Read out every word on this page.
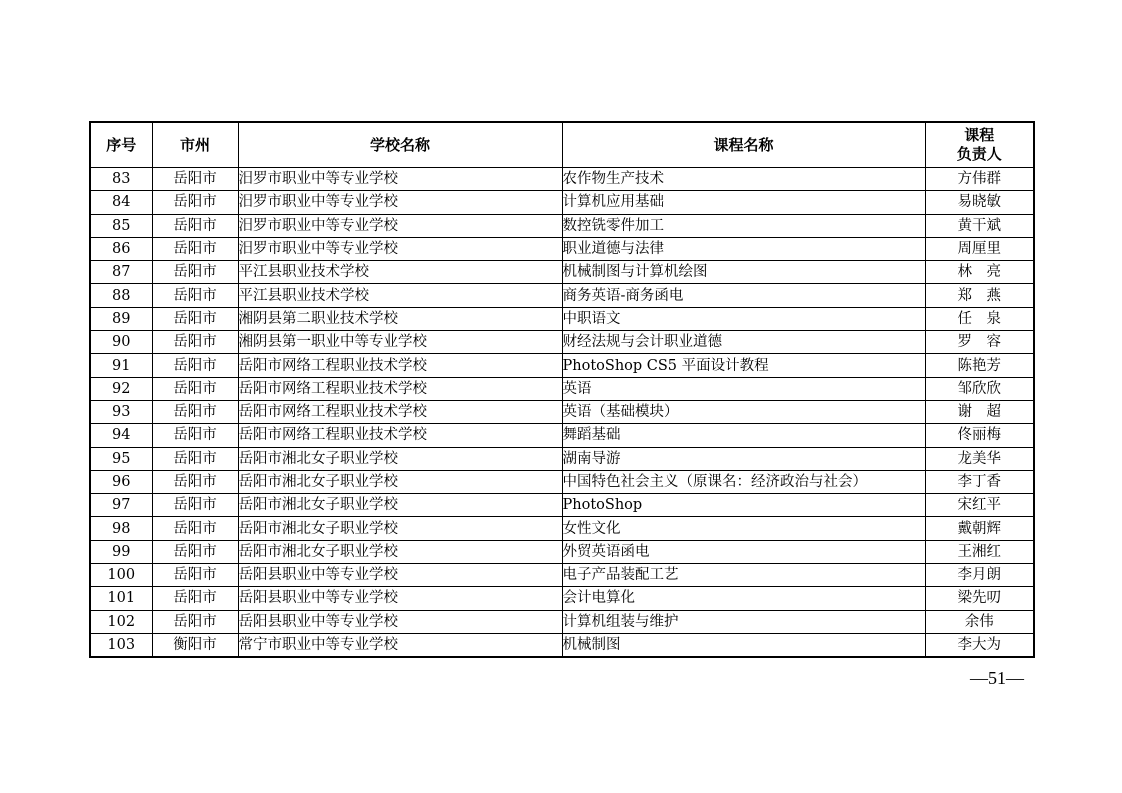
序号	市州	学校名称	课程名称	课程
负责人

83	岳阳市	汨罗市职业中等专业学校	农作物生产技术	方伟群
84	岳阳市	汨罗市职业中等专业学校	计算机应用基础	易晓敏
85	岳阳市	汨罗市职业中等专业学校	数控铣零件加工	黄干斌
86	岳阳市	汨罗市职业中等专业学校	职业道德与法律	周厘里
87	岳阳市	平江县职业技术学校	机械制图与计算机绘图	林　亮
88	岳阳市	平江县职业技术学校	商务英语-商务函电	郑　燕
89	岳阳市	湘阴县第二职业技术学校	中职语文	任　泉
90	岳阳市	湘阴县第一职业中等专业学校	财经法规与会计职业道德	罗　容
91	岳阳市	岳阳市网络工程职业技术学校	PhotoShop CS5 平面设计教程	陈艳芳
92	岳阳市	岳阳市网络工程职业技术学校	英语	邹欣欣
93	岳阳市	岳阳市网络工程职业技术学校	英语（基础模块）	谢　超
94	岳阳市	岳阳市网络工程职业技术学校	舞蹈基础	佟丽梅
95	岳阳市	岳阳市湘北女子职业学校	湖南导游	龙美华
96	岳阳市	岳阳市湘北女子职业学校	中国特色社会主义（原课名：经济政治与社会）	李丁香
97	岳阳市	岳阳市湘北女子职业学校	PhotoShop	宋红平
98	岳阳市	岳阳市湘北女子职业学校	女性文化	戴朝辉
99	岳阳市	岳阳市湘北女子职业学校	外贸英语函电	王湘红
100	岳阳市	岳阳县职业中等专业学校	电子产品装配工艺	李月朗
101	岳阳市	岳阳县职业中等专业学校	会计电算化	梁先叨
102	岳阳市	岳阳县职业中等专业学校	计算机组装与维护	余伟
103	衡阳市	常宁市职业中等专业学校	机械制图	李大为
—51—
